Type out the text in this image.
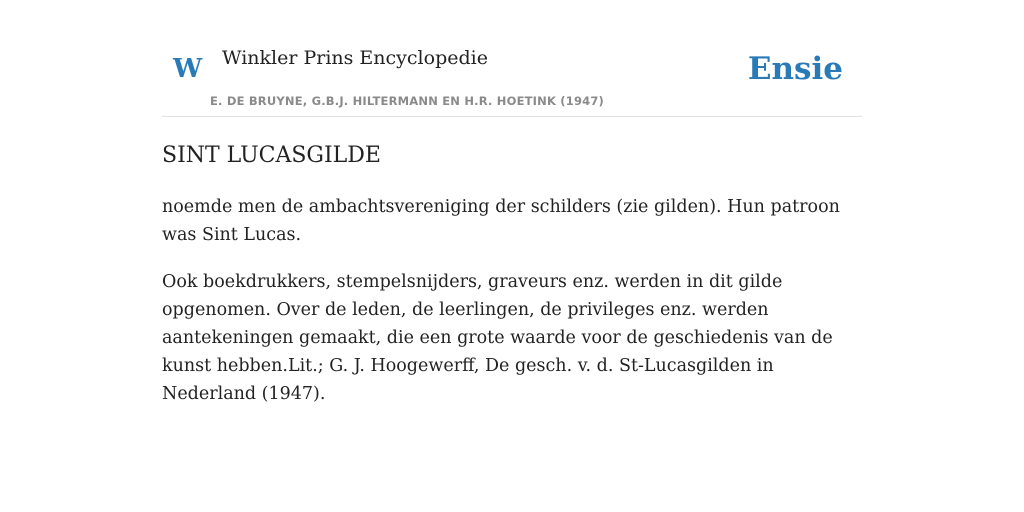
W Winkler Prins Encyclopedie
E. DE BRUYNE, G.B.J. HILTERMANN EN H.R. HOETINK (1947)
Ensie
SINT LUCASGILDE

noemde men de ambachtsvereniging der schilders (zie gilden). Hun patroon was Sint Lucas.

Ook boekdrukkers, stempelsnijders, graveurs enz. werden in dit gilde opgenomen. Over de leden, de leerlingen, de privileges enz. werden aantekeningen gemaakt, die een grote waarde voor de geschiedenis van de kunst hebben.Lit.; G. J. Hoogewerff, De gesch. v. d. St-Lucasgilden in Nederland (1947).
